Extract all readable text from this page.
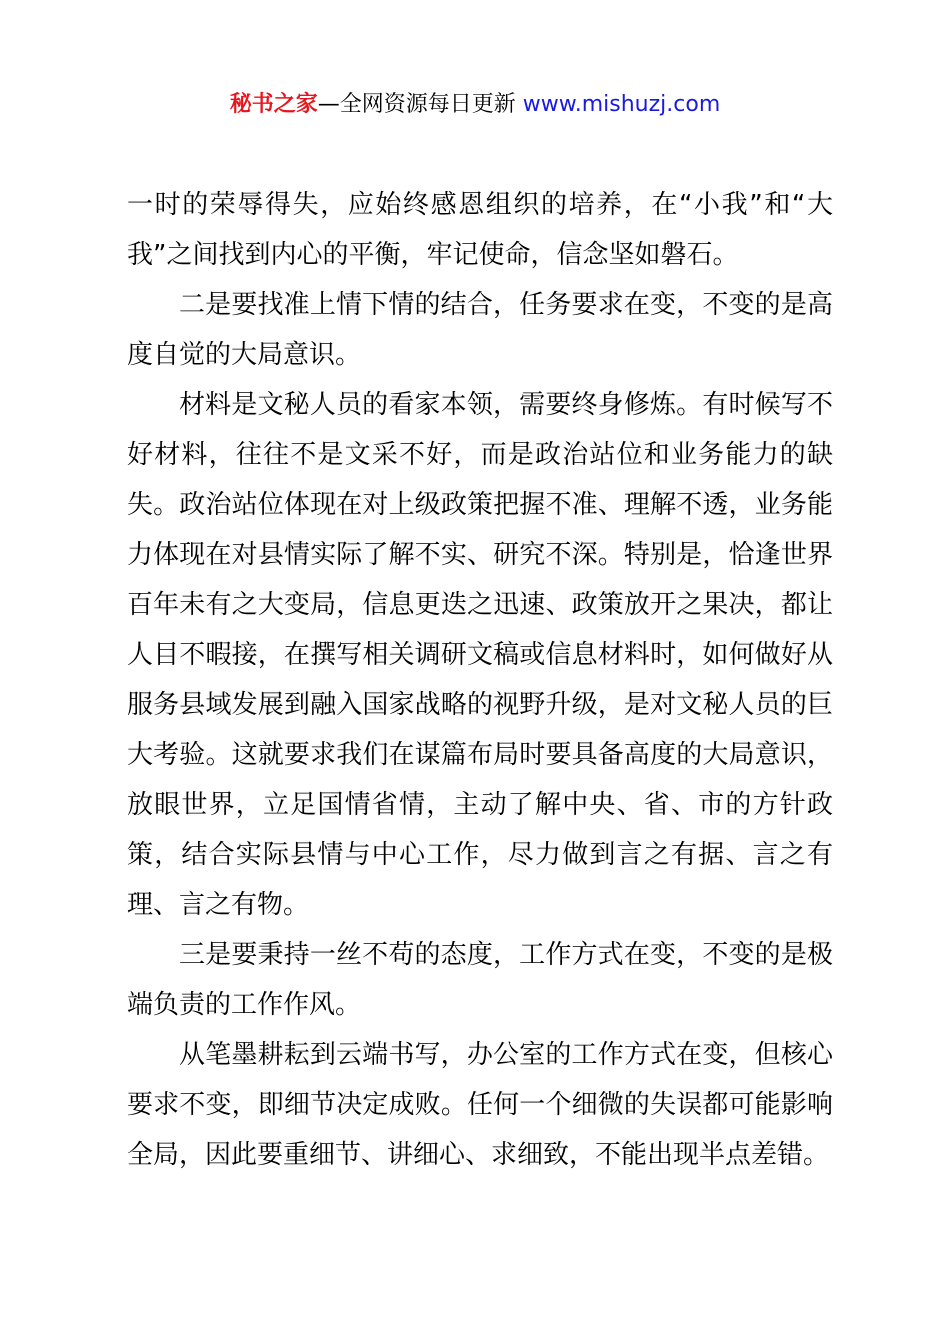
秘书之家—全网资源每日更新 www.mishuzj.com

一时的荣辱得失，应始终感恩组织的培养，在“小我”和“大我”之间找到内心的平衡，牢记使命，信念坚如磐石。

二是要找准上情下情的结合，任务要求在变，不变的是高度自觉的大局意识。

材料是文秘人员的看家本领，需要终身修炼。有时候写不好材料，往往不是文采不好，而是政治站位和业务能力的缺失。政治站位体现在对上级政策把握不准、理解不透，业务能力体现在对县情实际了解不实、研究不深。特别是，恰逢世界百年未有之大变局，信息更迭之迅速、政策放开之果决，都让人目不暇接，在撰写相关调研文稿或信息材料时，如何做好从服务县域发展到融入国家战略的视野升级，是对文秘人员的巨大考验。这就要求我们在谋篇布局时要具备高度的大局意识，放眼世界，立足国情省情，主动了解中央、省、市的方针政策，结合实际县情与中心工作，尽力做到言之有据、言之有理、言之有物。

三是要秉持一丝不苟的态度，工作方式在变，不变的是极端负责的工作作风。

从笔墨耕耘到云端书写，办公室的工作方式在变，但核心要求不变，即细节决定成败。任何一个细微的失误都可能影响全局，因此要重细节、讲细心、求细致，不能出现半点差错。
